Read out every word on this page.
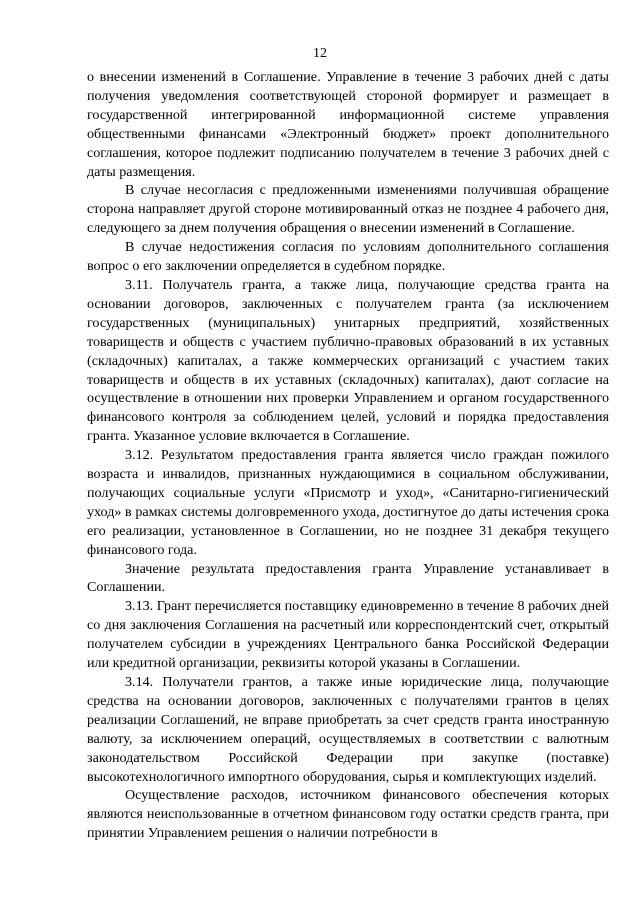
12

о внесении изменений в Соглашение. Управление в течение 3 рабочих дней с даты получения уведомления соответствующей стороной формирует и размещает в государственной интегрированной информационной системе управления общественными финансами «Электронный бюджет» проект дополнительного соглашения, которое подлежит подписанию получателем в течение 3 рабочих дней с даты размещения.

В случае несогласия с предложенными изменениями получившая обращение сторона направляет другой стороне мотивированный отказ не позднее 4 рабочего дня, следующего за днем получения обращения о внесении изменений в Соглашение.

В случае недостижения согласия по условиям дополнительного соглашения вопрос о его заключении определяется в судебном порядке.

3.11. Получатель гранта, а также лица, получающие средства гранта на основании договоров, заключенных с получателем гранта (за исключением государственных (муниципальных) унитарных предприятий, хозяйственных товариществ и обществ с участием публично-правовых образований в их уставных (складочных) капиталах, а также коммерческих организаций с участием таких товариществ и обществ в их уставных (складочных) капиталах), дают согласие на осуществление в отношении них проверки Управлением и органом государственного финансового контроля за соблюдением целей, условий и порядка предоставления гранта. Указанное условие включается в Соглашение.

3.12. Результатом предоставления гранта является число граждан пожилого возраста и инвалидов, признанных нуждающимися в социальном обслуживании, получающих социальные услуги «Присмотр и уход», «Санитарно-гигиенический уход» в рамках системы долговременного ухода, достигнутое до даты истечения срока его реализации, установленное в Соглашении, но не позднее 31 декабря текущего финансового года.

Значение результата предоставления гранта Управление устанавливает в Соглашении.

3.13. Грант перечисляется поставщику единовременно в течение 8 рабочих дней со дня заключения Соглашения на расчетный или корреспондентский счет, открытый получателем субсидии в учреждениях Центрального банка Российской Федерации или кредитной организации, реквизиты которой указаны в Соглашении.

3.14. Получатели грантов, а также иные юридические лица, получающие средства на основании договоров, заключенных с получателями грантов в целях реализации Соглашений, не вправе приобретать за счет средств гранта иностранную валюту, за исключением операций, осуществляемых в соответствии с валютным законодательством Российской Федерации при закупке (поставке) высокотехнологичного импортного оборудования, сырья и комплектующих изделий.

Осуществление расходов, источником финансового обеспечения которых являются неиспользованные в отчетном финансовом году остатки средств гранта, при принятии Управлением решения о наличии потребности в
